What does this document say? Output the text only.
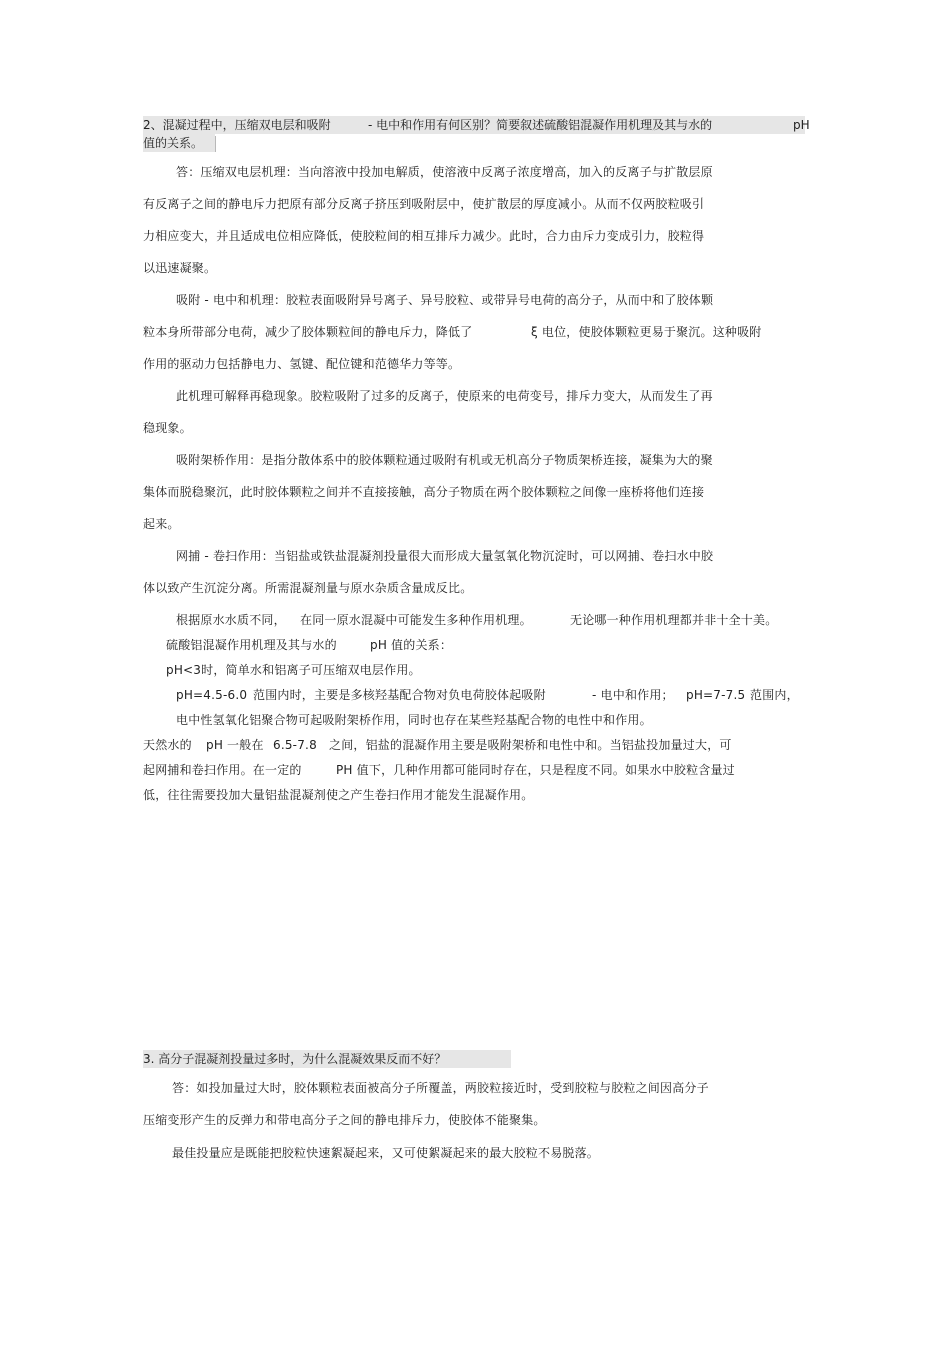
2、混凝过程中，压缩双电层和吸附	- 电中和作用有何区别？简要叙述硫酸铝混凝作用机理及其与水的	pH
值的关系。
答：压缩双电层机理：当向溶液中投加电解质，使溶液中反离子浓度增高，加入的反离子与扩散层原
有反离子之间的静电斥力把原有部分反离子挤压到吸附层中，使扩散层的厚度减小。从而不仅两胶粒吸引
力相应变大，并且适成电位相应降低，使胶粒间的相互排斥力减少。此时，合力由斥力变成引力，胶粒得
以迅速凝聚。
吸附 - 电中和机理：胶粒表面吸附异号离子、异号胶粒、或带异号电荷的高分子，从而中和了胶体颗
粒本身所带部分电荷，减少了胶体颗粒间的静电斥力，降低了	ξ 电位，使胶体颗粒更易于聚沉。这种吸附
作用的驱动力包括静电力、氢键、配位键和范德华力等等。
此机理可解释再稳现象。胶粒吸附了过多的反离子，使原来的电荷变号，排斥力变大，从而发生了再
稳现象。
吸附架桥作用：是指分散体系中的胶体颗粒通过吸附有机或无机高分子物质架桥连接，凝集为大的聚
集体而脱稳聚沉，此时胶体颗粒之间并不直接接触，高分子物质在两个胶体颗粒之间像一座桥将他们连接
起来。
网捕 - 卷扫作用：当铝盐或铁盐混凝剂投量很大而形成大量氢氧化物沉淀时，可以网捕、卷扫水中胶
体以致产生沉淀分离。所需混凝剂量与原水杂质含量成反比。
根据原水水质不同， 在同一原水混凝中可能发生多种作用机理。	无论哪一种作用机理都并非十全十美。
硫酸铝混凝作用机理及其与水的	pH 值的关系：
pH<3时，简单水和铝离子可压缩双电层作用。
pH=4.5-6.0 范围内时，主要是多核羟基配合物对负电荷胶体起吸附	- 电中和作用； pH=7-7.5 范围内，
电中性氢氧化铝聚合物可起吸附架桥作用，同时也存在某些羟基配合物的电性中和作用。
天然水的 pH 一般在 6.5-7.8 之间，铝盐的混凝作用主要是吸附架桥和电性中和。当铝盐投加量过大，可
起网捕和卷扫作用。在一定的	PH 值下，几种作用都可能同时存在，只是程度不同。如果水中胶粒含量过
低，往往需要投加大量铝盐混凝剂使之产生卷扫作用才能发生混凝作用。
3. 高分子混凝剂投量过多时，为什么混凝效果反而不好？
答：如投加量过大时，胶体颗粒表面被高分子所覆盖，两胶粒接近时，受到胶粒与胶粒之间因高分子
压缩变形产生的反弹力和带电高分子之间的静电排斥力，使胶体不能聚集。
最佳投量应是既能把胶粒快速絮凝起来，又可使絮凝起来的最大胶粒不易脱落。
